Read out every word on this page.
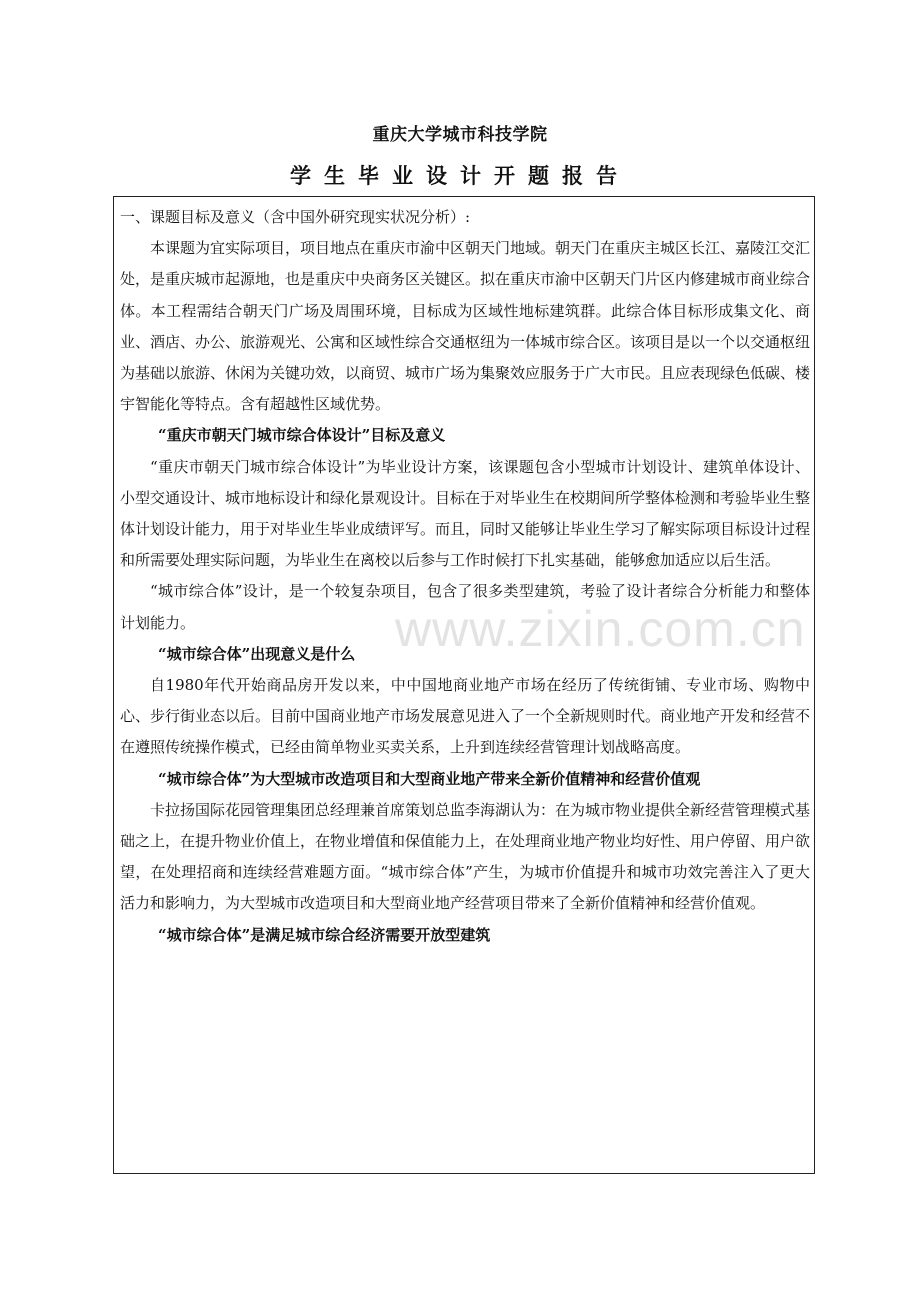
重庆大学城市科技学院
学生毕业设计开题报告
www.zixin.com.cn

一、课题目标及意义（含中国外研究现实状况分析）:

本课题为宜实际项目，项目地点在重庆市渝中区朝天门地域。朝天门在重庆主城区长江、嘉陵江交汇处，是重庆城市起源地，也是重庆中央商务区关键区。拟在重庆市渝中区朝天门片区内修建城市商业综合体。本工程需结合朝天门广场及周围环境，目标成为区域性地标建筑群。此综合体目标形成集文化、商业、酒店、办公、旅游观光、公寓和区域性综合交通枢纽为一体城市综合区。该项目是以一个以交通枢纽为基础以旅游、休闲为关键功效，以商贸、城市广场为集聚效应服务于广大市民。且应表现绿色低碳、楼宇智能化等特点。含有超越性区域优势。

“重庆市朝天门城市综合体设计”目标及意义

“重庆市朝天门城市综合体设计”为毕业设计方案，该课题包含小型城市计划设计、建筑单体设计、小型交通设计、城市地标设计和绿化景观设计。目标在于对毕业生在校期间所学整体检测和考验毕业生整体计划设计能力，用于对毕业生毕业成绩评写。而且，同时又能够让毕业生学习了解实际项目标设计过程和所需要处理实际问题，为毕业生在离校以后参与工作时候打下扎实基础，能够愈加适应以后生活。

“城市综合体”设计，是一个较复杂项目，包含了很多类型建筑，考验了设计者综合分析能力和整体计划能力。

“城市综合体”出现意义是什么

自1980年代开始商品房开发以来，中中国地商业地产市场在经历了传统街铺、专业市场、购物中心、步行街业态以后。目前中国商业地产市场发展意见进入了一个全新规则时代。商业地产开发和经营不在遵照传统操作模式，已经由简单物业买卖关系，上升到连续经营管理计划战略高度。

“城市综合体”为大型城市改造项目和大型商业地产带来全新价值精神和经营价值观

卡拉扬国际花园管理集团总经理兼首席策划总监李海湖认为：在为城市物业提供全新经营管理模式基础之上，在提升物业价值上，在物业增值和保值能力上，在处理商业地产物业均好性、用户停留、用户欲望，在处理招商和连续经营难题方面。“城市综合体”产生，为城市价值提升和城市功效完善注入了更大活力和影响力，为大型城市改造项目和大型商业地产经营项目带来了全新价值精神和经营价值观。

“城市综合体”是满足城市综合经济需要开放型建筑
